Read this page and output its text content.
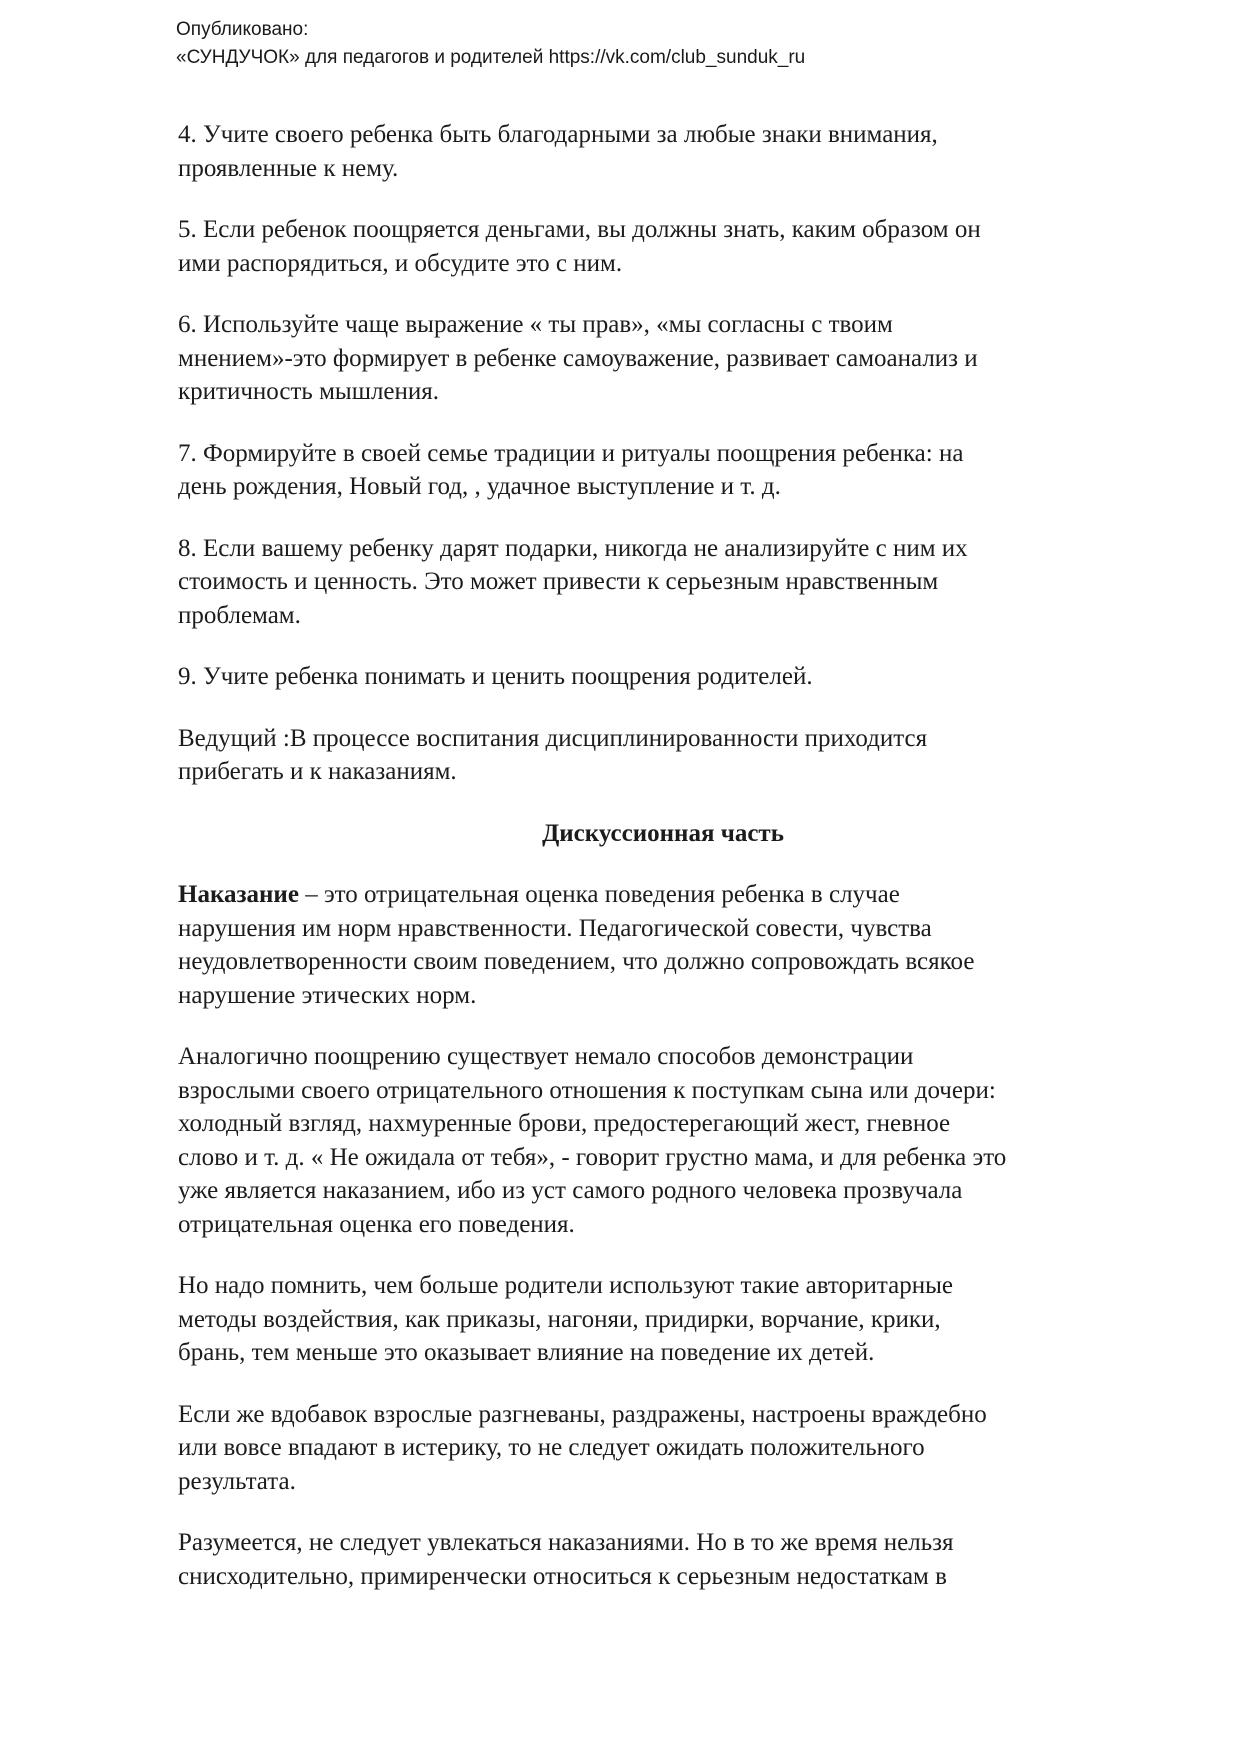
Опубликовано:
«СУНДУЧОК» для педагогов и родителей https://vk.com/club_sunduk_ru
4. Учите своего ребенка быть благодарными за любые знаки внимания,
проявленные к нему.
5. Если ребенок поощряется деньгами, вы должны знать, каким образом он
ими распорядиться, и обсудите это с ним.
6. Используйте чаще выражение « ты прав», «мы согласны с твоим
мнением»-это формирует в ребенке самоуважение, развивает самоанализ и
критичность мышления.
7. Формируйте в своей семье традиции и ритуалы поощрения ребенка: на
день рождения, Новый год, , удачное выступление и т. д.
8. Если вашему ребенку дарят подарки, никогда не анализируйте с ним их
стоимость и ценность. Это может привести к серьезным нравственным
проблемам.
9. Учите ребенка понимать и ценить поощрения родителей.
Ведущий :В процессе воспитания дисциплинированности приходится
прибегать и к наказаниям.
Дискуссионная часть
Наказание – это отрицательная оценка поведения ребенка в случае
нарушения им норм нравственности. Педагогической совести, чувства
неудовлетворенности своим поведением, что должно сопровождать всякое
нарушение этических норм.
Аналогично поощрению существует немало способов демонстрации
взрослыми своего отрицательного отношения к поступкам сына или дочери:
холодный взгляд, нахмуренные брови, предостерегающий жест, гневное
слово и т. д. « Не ожидала от тебя», - говорит грустно мама, и для ребенка это
уже является наказанием, ибо из уст самого родного человека прозвучала
отрицательная оценка его поведения.
Но надо помнить, чем больше родители используют такие авторитарные
методы воздействия, как приказы, нагоняи, придирки, ворчание, крики,
брань, тем меньше это оказывает влияние на поведение их детей.
Если же вдобавок взрослые разгневаны, раздражены, настроены враждебно
или вовсе впадают в истерику, то не следует ожидать положительного
результата.
Разумеется, не следует увлекаться наказаниями. Но в то же время нельзя
снисходительно, примиренчески относиться к серьезным недостаткам в
